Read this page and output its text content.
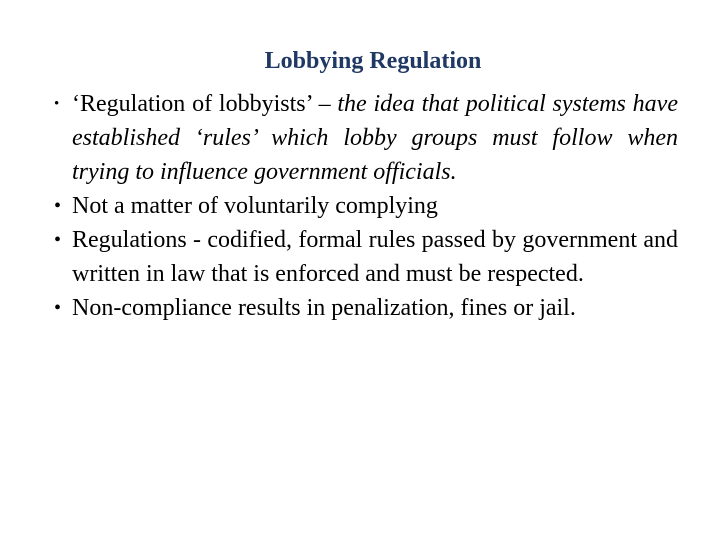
Lobbying Regulation
• ‘Regulation of lobbyists’ – the idea that political systems have established ‘rules’ which lobby groups must follow when trying to influence government officials.
• Not a matter of voluntarily complying
• Regulations - codified, formal rules passed by government and written in law that is enforced and must be respected.
• Non-compliance results in penalization, fines or jail.
